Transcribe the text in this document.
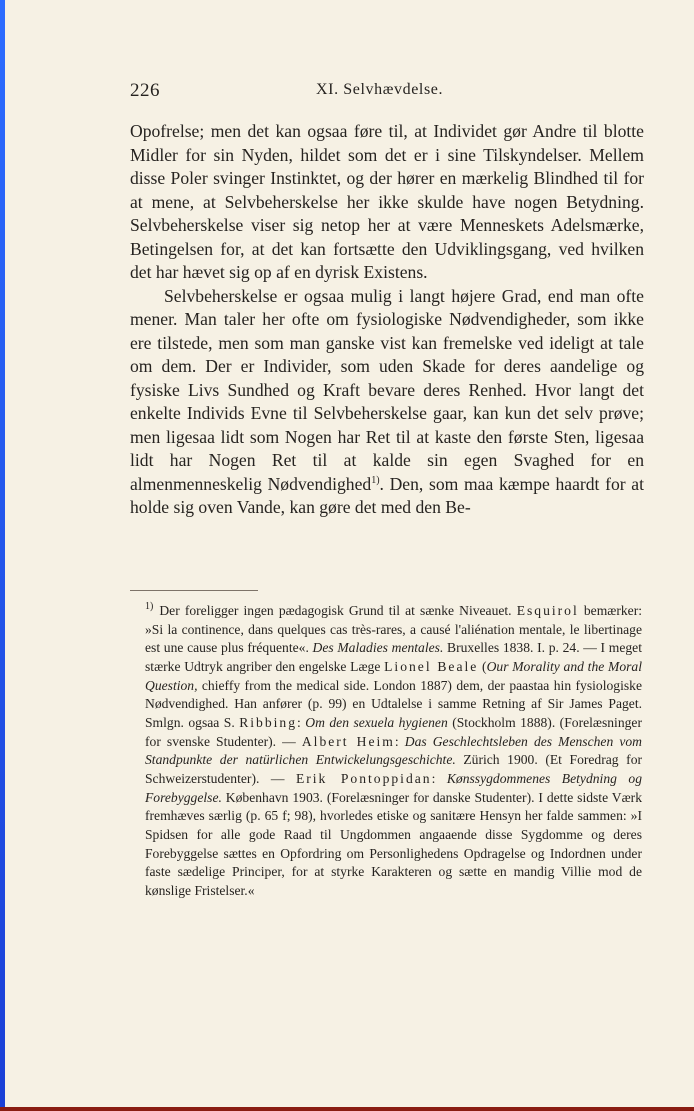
226	XI. Selvhævdelse.

Opofrelse; men det kan ogsaa føre til, at Individet gør Andre til blotte Midler for sin Nyden, hildet som det er i sine Tilskyndelser. Mellem disse Poler svinger Instinktet, og der hører en mærkelig Blindhed til for at mene, at Selvbeherskelse her ikke skulde have nogen Betydning. Selvbeherskelse viser sig netop her at være Menneskets Adelsmærke, Betingelsen for, at det kan fortsætte den Udviklingsgang, ved hvilken det har hævet sig op af en dyrisk Existens.

Selvbeherskelse er ogsaa mulig i langt højere Grad, end man ofte mener. Man taler her ofte om fysiologiske Nødvendigheder, som ikke ere tilstede, men som man ganske vist kan fremelske ved ideligt at tale om dem. Der er Individer, som uden Skade for deres aandelige og fysiske Livs Sundhed og Kraft bevare deres Renhed. Hvor langt det enkelte Individs Evne til Selvbeherskelse gaar, kan kun det selv prøve; men ligesaa lidt som Nogen har Ret til at kaste den første Sten, ligesaa lidt har Nogen Ret til at kalde sin egen Svaghed for en almenmenneskelig Nødvendighed$^{1)}$. Den, som maa kæmpe haardt for at holde sig oven Vande, kan gøre det med den Be-

$^{1)}$ Der foreligger ingen pædagogisk Grund til at sænke Niveauet. Esquirol bemærker: »Si la continence, dans quelques cas très-rares, a causé l'aliénation mentale, le libertinage est une cause plus fréquente«. Des Maladies mentales. Bruxelles 1838. I. p. 24. — I meget stærke Udtryk angriber den engelske Læge Lionel Beale (Our Morality and the Moral Question, chieffy from the medical side. London 1887) dem, der paastaa hin fysiologiske Nødvendighed. Han anfører (p. 99) en Udtalelse i samme Retning af Sir James Paget. Smlgn. ogsaa S. Ribbing: Om den sexuela hygienen (Stockholm 1888). (Forelæsninger for svenske Studenter). — Albert Heim: Das Geschlechtsleben des Menschen vom Standpunkte der natürlichen Entwickelungsgeschichte. Zürich 1900. (Et Foredrag for Schweizerstudenter). — Erik Pontoppidan: Kønssygdommenes Betydning og Forebyggelse. København 1903. (Forelæsninger for danske Studenter). I dette sidste Værk fremhæves særlig (p. 65 f; 98), hvorledes etiske og sanitære Hensyn her falde sammen: »I Spidsen for alle gode Raad til Ungdommen angaaende disse Sygdomme og deres Forebyggelse sættes en Opfordring om Personlighedens Opdragelse og Indordnen under faste sædelige Principer, for at styrke Karakteren og sætte en mandig Villie mod de kønslige Fristelser.«
